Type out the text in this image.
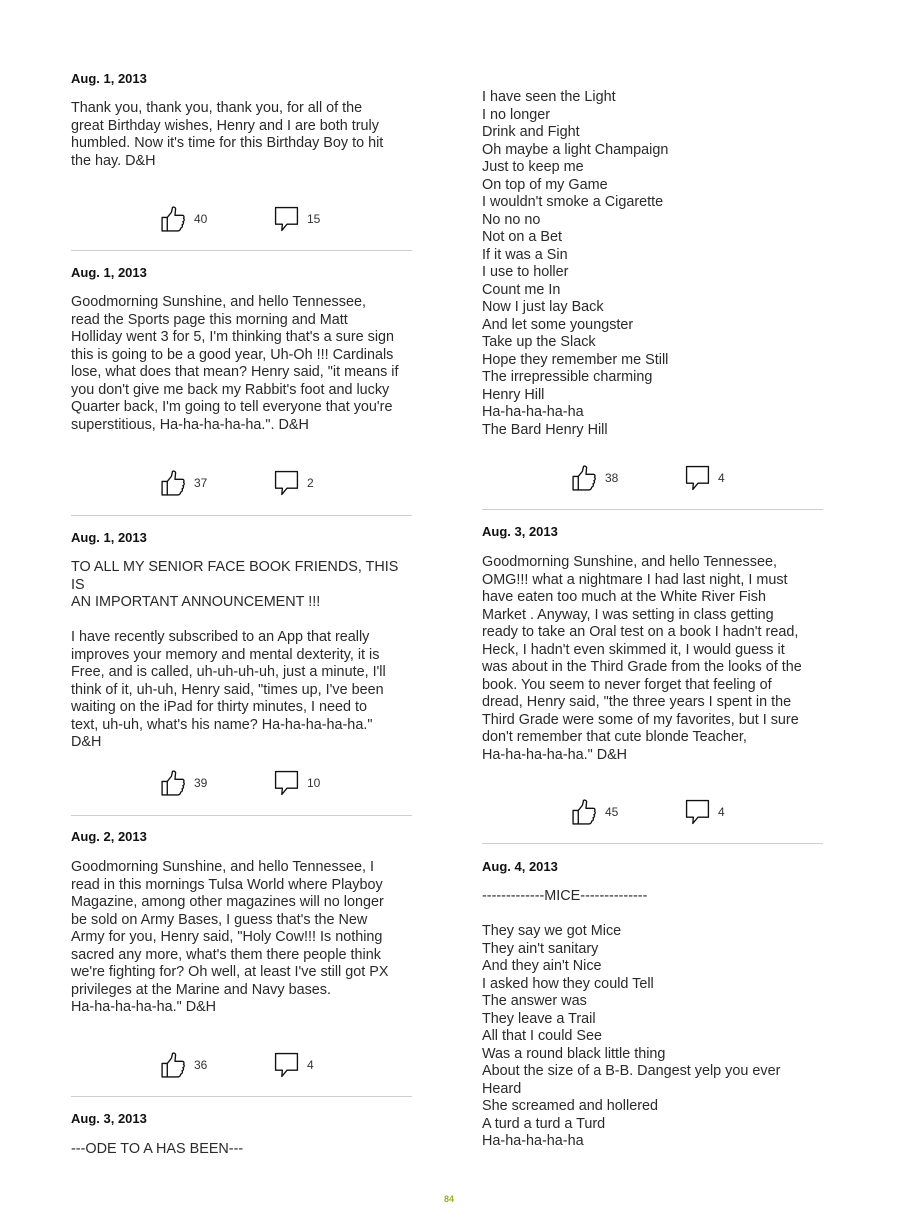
Aug. 1, 2013
Thank you, thank you, thank you, for all of the
great Birthday wishes, Henry and I are both truly
humbled. Now it's time for this Birthday Boy to hit
the hay. D&H
40	15
Aug. 1, 2013
Goodmorning Sunshine, and hello Tennessee,
read the Sports page this morning and Matt
Holliday went 3 for 5, I'm thinking that's a sure sign
this is going to be a good year, Uh-Oh !!! Cardinals
lose, what does that mean? Henry said, "it means if
you don't give me back my Rabbit's foot and lucky
Quarter back, I'm going to tell everyone that you're
superstitious, Ha-ha-ha-ha-ha.". D&H
37	2
Aug. 1, 2013
TO ALL MY SENIOR FACE BOOK FRIENDS, THIS IS
AN IMPORTANT ANNOUNCEMENT !!!

I have recently subscribed to an App that really
improves your memory and mental dexterity, it is
Free, and is called, uh-uh-uh-uh, just a minute, I'll
think of it, uh-uh, Henry said, "times up, I've been
waiting on the iPad for thirty minutes, I need to
text, uh-uh, what's his name? Ha-ha-ha-ha-ha."
D&H
39	10
Aug. 2, 2013
Goodmorning Sunshine, and hello Tennessee, I
read in this mornings Tulsa World where Playboy
Magazine, among other magazines will no longer
be sold on Army Bases, I guess that's the New
Army for you, Henry said, "Holy Cow!!! Is nothing
sacred any more, what's them there people think
we're fighting for? Oh well, at least I've still got PX
privileges at the Marine and Navy bases.
Ha-ha-ha-ha-ha." D&H
36	4
Aug. 3, 2013
---ODE TO A HAS BEEN---
I have seen the Light
I no longer
Drink and Fight
Oh maybe a light Champaign
Just to keep me
On top of my Game
I wouldn't smoke a Cigarette
No no no
Not on a Bet
If it was a Sin
I use to holler
Count me In
Now I just lay Back
And let some youngster
Take up the Slack
Hope they remember me Still
The irrepressible charming
Henry Hill
Ha-ha-ha-ha-ha
The Bard Henry Hill
38	4
Aug. 3, 2013
Goodmorning Sunshine, and hello Tennessee,
OMG!!! what a nightmare I had last night, I must
have eaten too much at the White River Fish
Market . Anyway, I was setting in class getting
ready to take an Oral test on a book I hadn't read,
Heck, I hadn't even skimmed it, I would guess it
was about in the Third Grade from the looks of the
book. You seem to never forget that feeling of
dread, Henry said, "the three years I spent in the
Third Grade were some of my favorites, but I sure
don't remember that cute blonde Teacher,
Ha-ha-ha-ha-ha." D&H
45	4
Aug. 4, 2013
-------------MICE--------------

They say we got Mice
They ain't sanitary
And they ain't Nice
I asked how they could Tell
The answer was
They leave a Trail
All that I could See
Was a round black little thing
About the size of a B-B. Dangest yelp you ever
Heard
She screamed and hollered
A turd a turd a Turd
Ha-ha-ha-ha-ha
84
